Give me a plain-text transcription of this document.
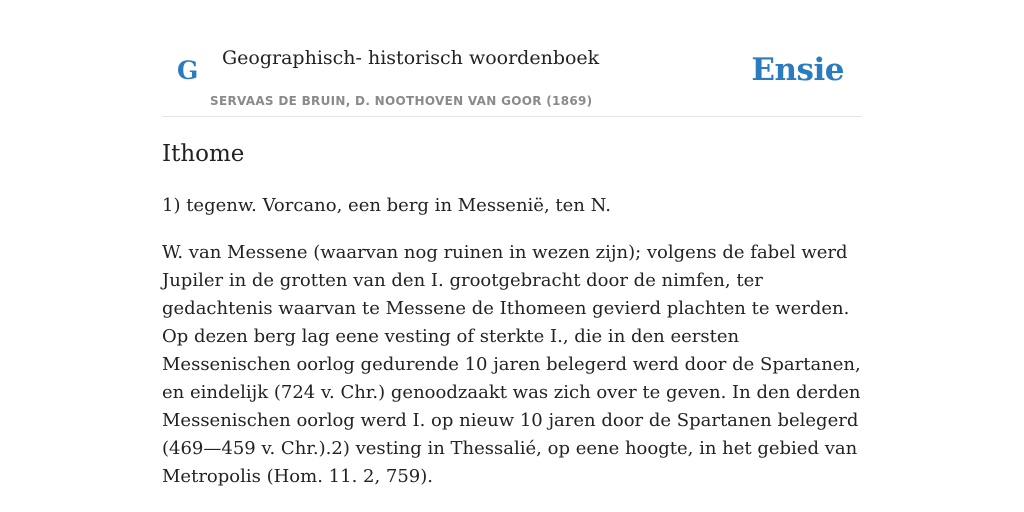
G Geographisch- historisch woordenboek
SERVAAS DE BRUIN, D. NOOTHOVEN VAN GOOR (1869)
Ensie
Ithome

1) tegenw. Vorcano, een berg in Messenië, ten N.

W. van Messene (waarvan nog ruinen in wezen zijn); volgens de fabel werd Jupiler in de grotten van den I. grootgebracht door de nimfen, ter gedachtenis waarvan te Messene de Ithomeen gevierd plachten te werden. Op dezen berg lag eene vesting of sterkte I., die in den eersten Messenischen oorlog gedurende 10 jaren belegerd werd door de Spartanen, en eindelijk (724 v. Chr.) genoodzaakt was zich over te geven. In den derden Messenischen oorlog werd I. op nieuw 10 jaren door de Spartanen belegerd (469—459 v. Chr.).2) vesting in Thessalié, op eene hoogte, in het gebied van Metropolis (Hom. 11. 2, 759).
